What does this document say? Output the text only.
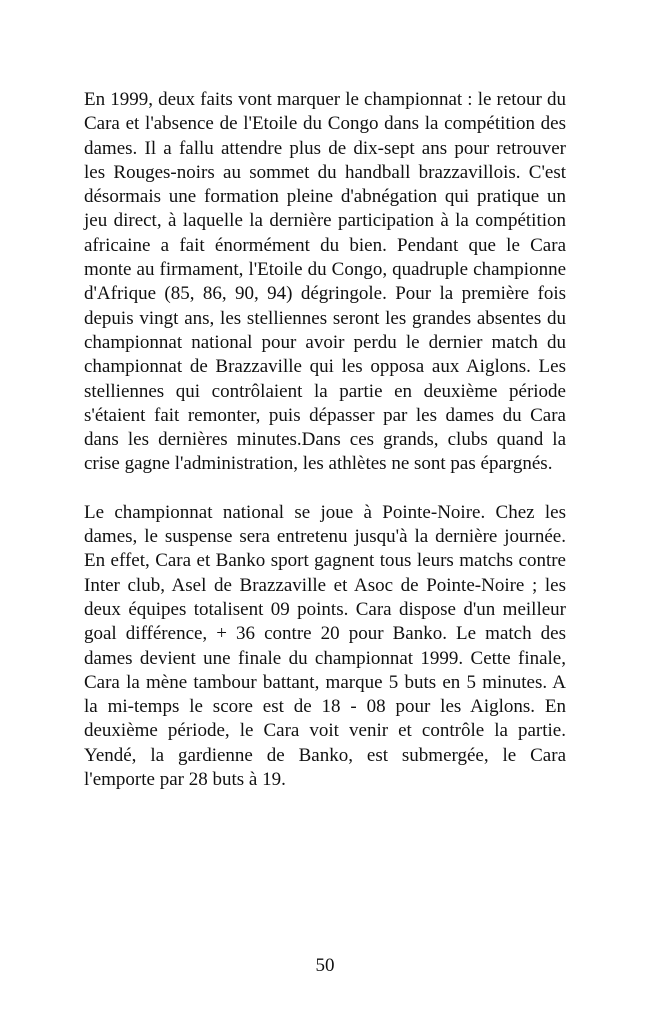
En 1999, deux faits vont marquer le championnat : le retour du Cara et l'absence de l'Etoile du Congo dans la compétition des dames. Il a fallu attendre plus de dix-sept ans pour retrouver les Rouges-noirs au sommet du handball brazzavillois. C'est désormais une formation pleine d'abnégation qui pratique un jeu direct, à laquelle la dernière participation à la compétition africaine a fait énormément du bien. Pendant que le Cara monte au firmament, l'Etoile du Congo, quadruple championne d'Afrique (85, 86, 90, 94) dégringole. Pour la première fois depuis vingt ans, les stelliennes seront les grandes absentes du championnat national pour avoir perdu le dernier match du championnat de Brazzaville qui les opposa aux Aiglons. Les stelliennes qui contrôlaient la partie en deuxième période s'étaient fait remonter, puis dépasser par les dames du Cara dans les dernières minutes.Dans ces grands, clubs quand la crise gagne l'administration, les athlètes ne sont pas épargnés.

Le championnat national se joue à Pointe-Noire. Chez les dames, le suspense sera entretenu jusqu'à la dernière journée. En effet, Cara et Banko sport gagnent tous leurs matchs contre Inter club, Asel de Brazzaville et Asoc de Pointe-Noire ; les deux équipes totalisent 09 points. Cara dispose d'un meilleur goal différence, + 36 contre 20 pour Banko. Le match des dames devient une finale du championnat 1999. Cette finale, Cara la mène tambour battant, marque 5 buts en 5 minutes. A la mi-temps le score est de 18 - 08 pour les Aiglons. En deuxième période, le Cara voit venir et contrôle la partie. Yendé, la gardienne de Banko, est submergée, le Cara l'emporte par 28 buts à 19.

50
